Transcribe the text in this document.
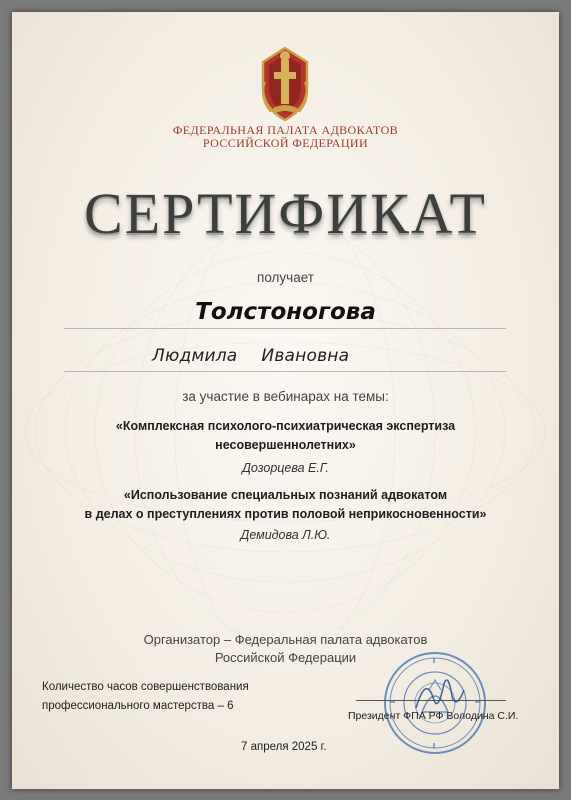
ФЕДЕРАЛЬНАЯ ПАЛАТА АДВОКАТОВ
РОССИЙСКОЙ ФЕДЕРАЦИИ
СЕРТИФИКАТ
получает
Толстоногова
Людмила Ивановна
за участие в вебинарах на темы:
«Комплексная психолого-психиатрическая экспертиза
несовершеннолетних»
Дозорцева Е.Г.
«Использование специальных познаний адвокатом
в делах о преступлениях против половой неприкосновенности»
Демидова Л.Ю.
Организатор – Федеральная палата адвокатов
Российской Федерации
Количество часов совершенствования
профессионального мастерства – 6
Президент ФПА РФ Володина С.И.
7 апреля 2025 г.
